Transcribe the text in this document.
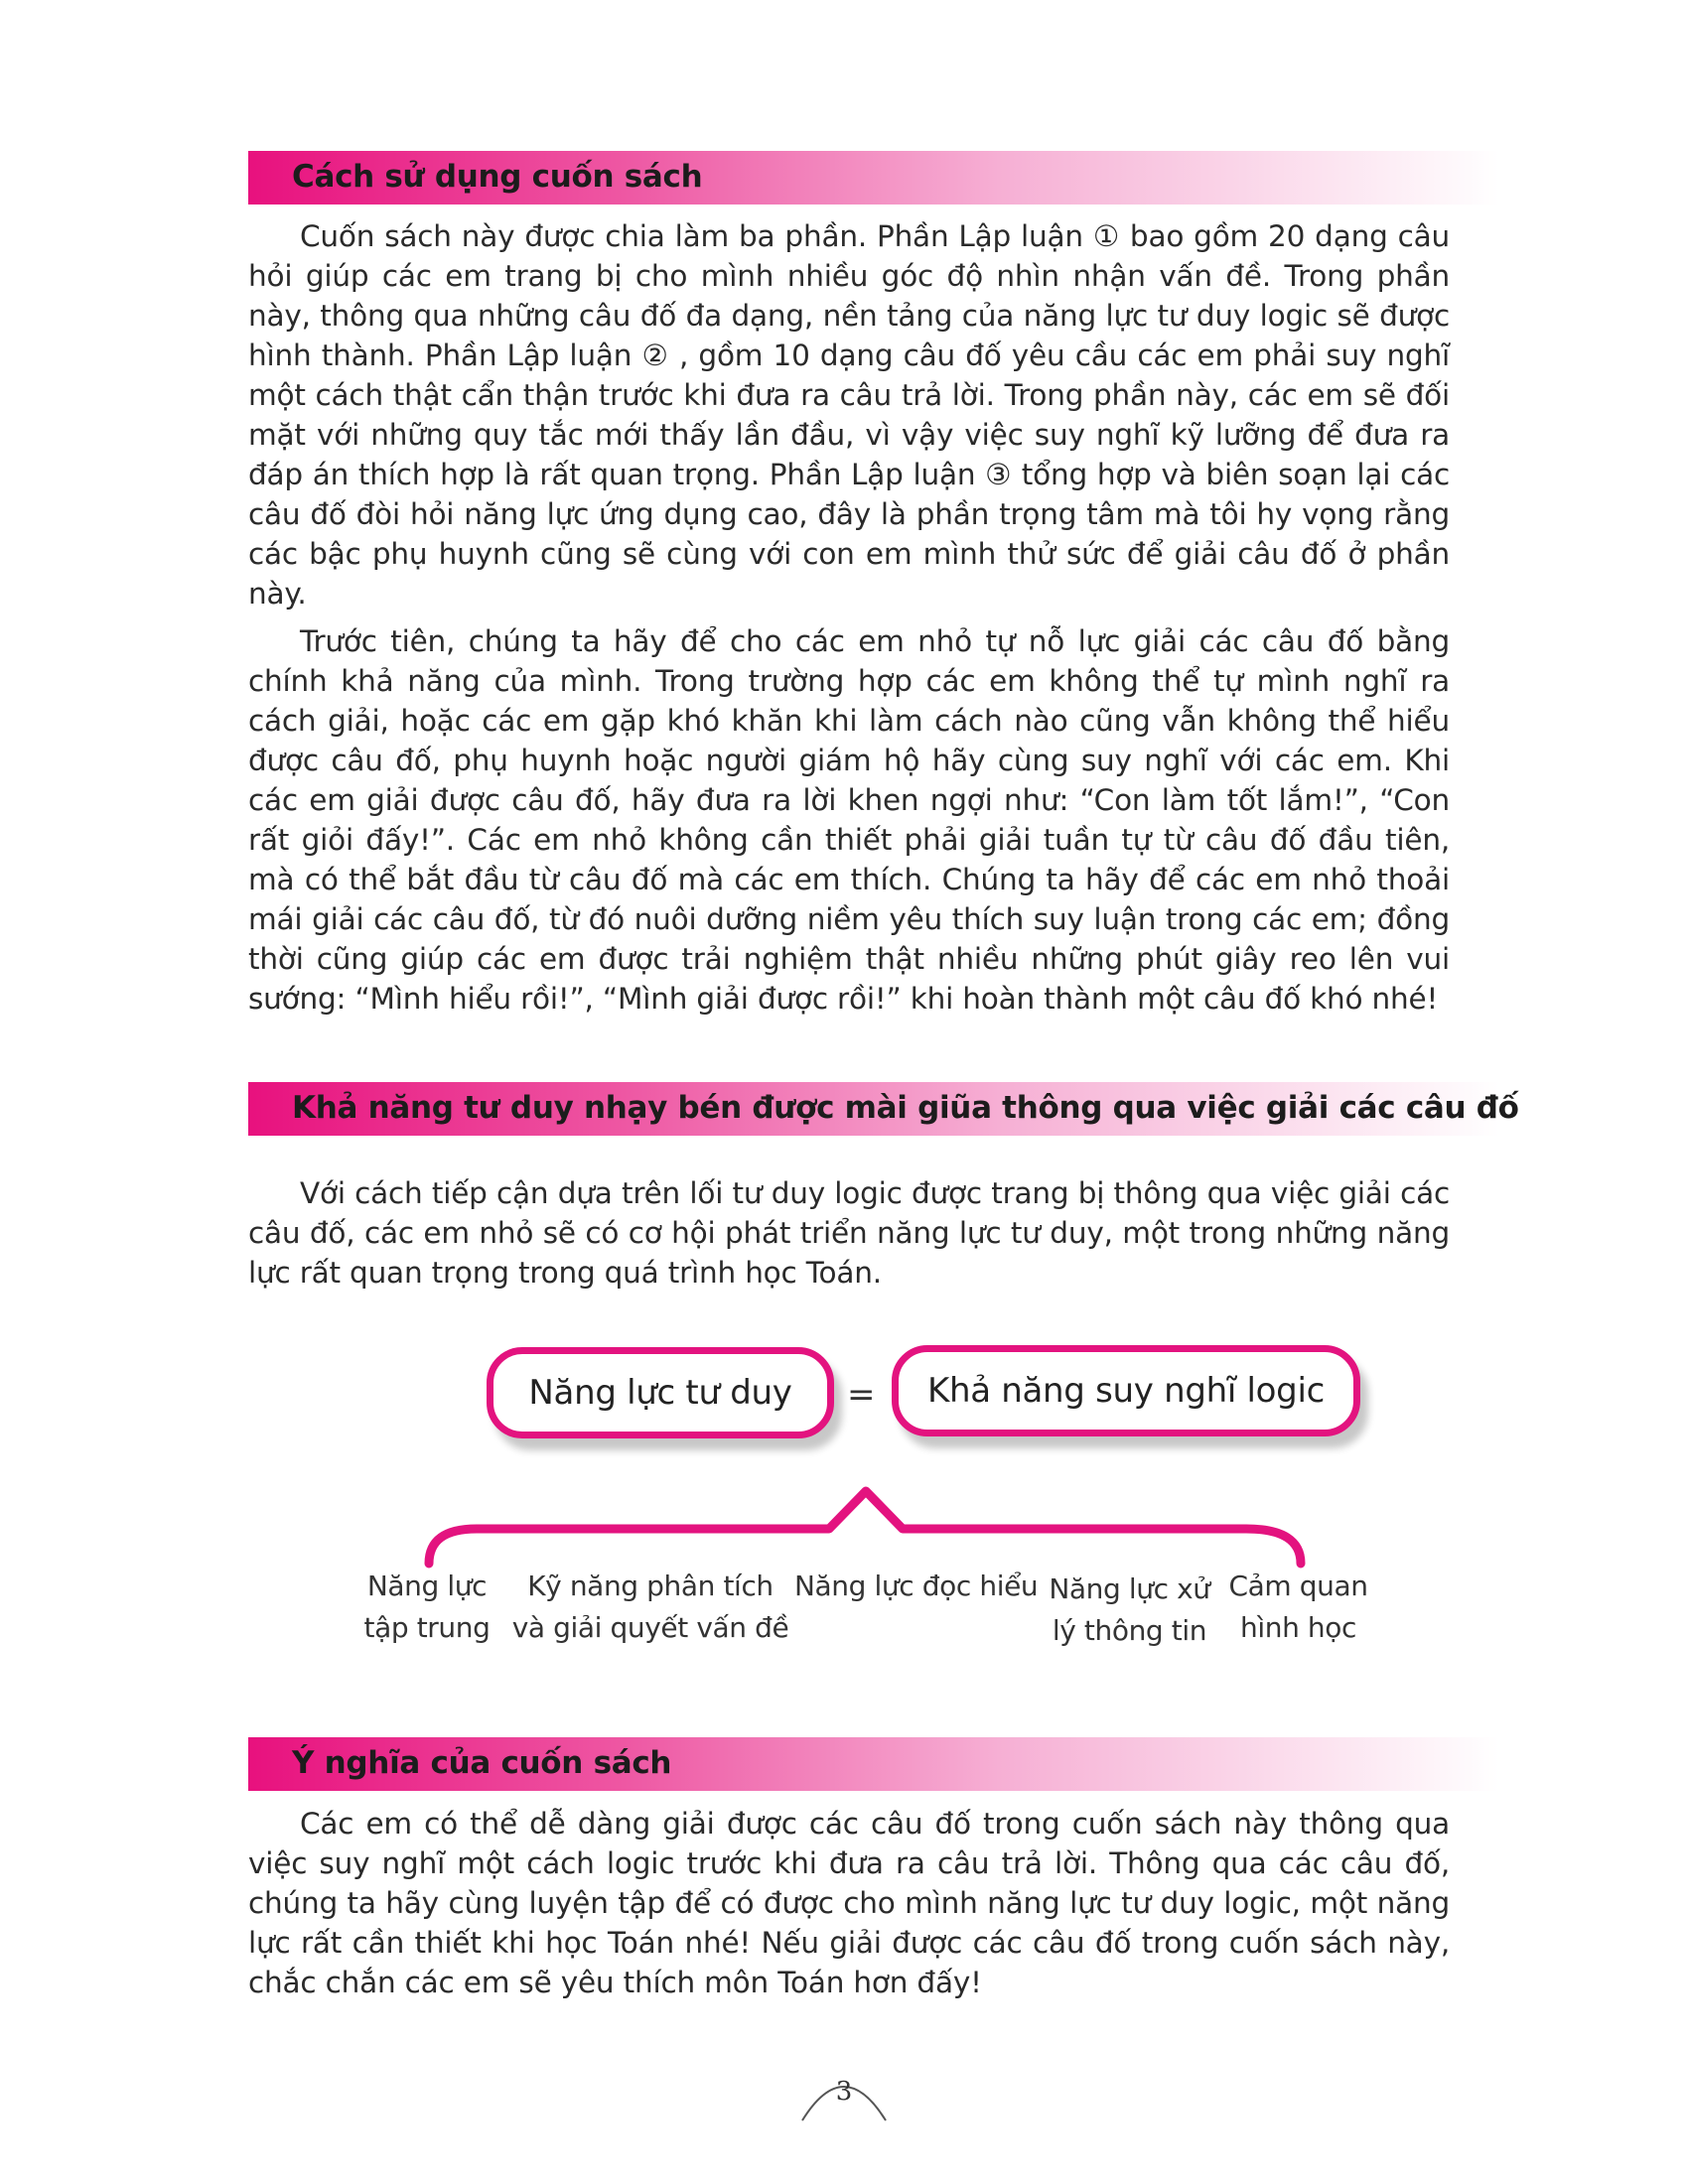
Cách sử dụng cuốn sách

Cuốn sách này được chia làm ba phần. Phần Lập luận ① bao gồm 20 dạng câu hỏi giúp các em trang bị cho mình nhiều góc độ nhìn nhận vấn đề. Trong phần này, thông qua những câu đố đa dạng, nền tảng của năng lực tư duy logic sẽ được hình thành. Phần Lập luận ② , gồm 10 dạng câu đố yêu cầu các em phải suy nghĩ một cách thật cẩn thận trước khi đưa ra câu trả lời. Trong phần này, các em sẽ đối mặt với những quy tắc mới thấy lần đầu, vì vậy việc suy nghĩ kỹ lưỡng để đưa ra đáp án thích hợp là rất quan trọng. Phần Lập luận ③ tổng hợp và biên soạn lại các câu đố đòi hỏi năng lực ứng dụng cao, đây là phần trọng tâm mà tôi hy vọng rằng các bậc phụ huynh cũng sẽ cùng với con em mình thử sức để giải câu đố ở phần này.

Trước tiên, chúng ta hãy để cho các em nhỏ tự nỗ lực giải các câu đố bằng chính khả năng của mình. Trong trường hợp các em không thể tự mình nghĩ ra cách giải, hoặc các em gặp khó khăn khi làm cách nào cũng vẫn không thể hiểu được câu đố, phụ huynh hoặc người giám hộ hãy cùng suy nghĩ với các em. Khi các em giải được câu đố, hãy đưa ra lời khen ngợi như: “Con làm tốt lắm!”, “Con rất giỏi đấy!”. Các em nhỏ không cần thiết phải giải tuần tự từ câu đố đầu tiên, mà có thể bắt đầu từ câu đố mà các em thích. Chúng ta hãy để các em nhỏ thoải mái giải các câu đố, từ đó nuôi dưỡng niềm yêu thích suy luận trong các em; đồng thời cũng giúp các em được trải nghiệm thật nhiều những phút giây reo lên vui sướng: “Mình hiểu rồi!”, “Mình giải được rồi!” khi hoàn thành một câu đố khó nhé!

Khả năng tư duy nhạy bén được mài giũa thông qua việc giải các câu đố

Với cách tiếp cận dựa trên lối tư duy logic được trang bị thông qua việc giải các câu đố, các em nhỏ sẽ có cơ hội phát triển năng lực tư duy, một trong những năng lực rất quan trọng trong quá trình học Toán.

Năng lực tư duy = Khả năng suy nghĩ logic
Năng lực
tập trung
Kỹ năng phân tích
và giải quyết vấn đề
Năng lực đọc hiểu Năng lực xử
lý thông tin
Cảm quan
hình học
Ý nghĩa của cuốn sách

Các em có thể dễ dàng giải được các câu đố trong cuốn sách này thông qua việc suy nghĩ một cách logic trước khi đưa ra câu trả lời. Thông qua các câu đố, chúng ta hãy cùng luyện tập để có được cho mình năng lực tư duy logic, một năng lực rất cần thiết khi học Toán nhé! Nếu giải được các câu đố trong cuốn sách này, chắc chắn các em sẽ yêu thích môn Toán hơn đấy!

3
